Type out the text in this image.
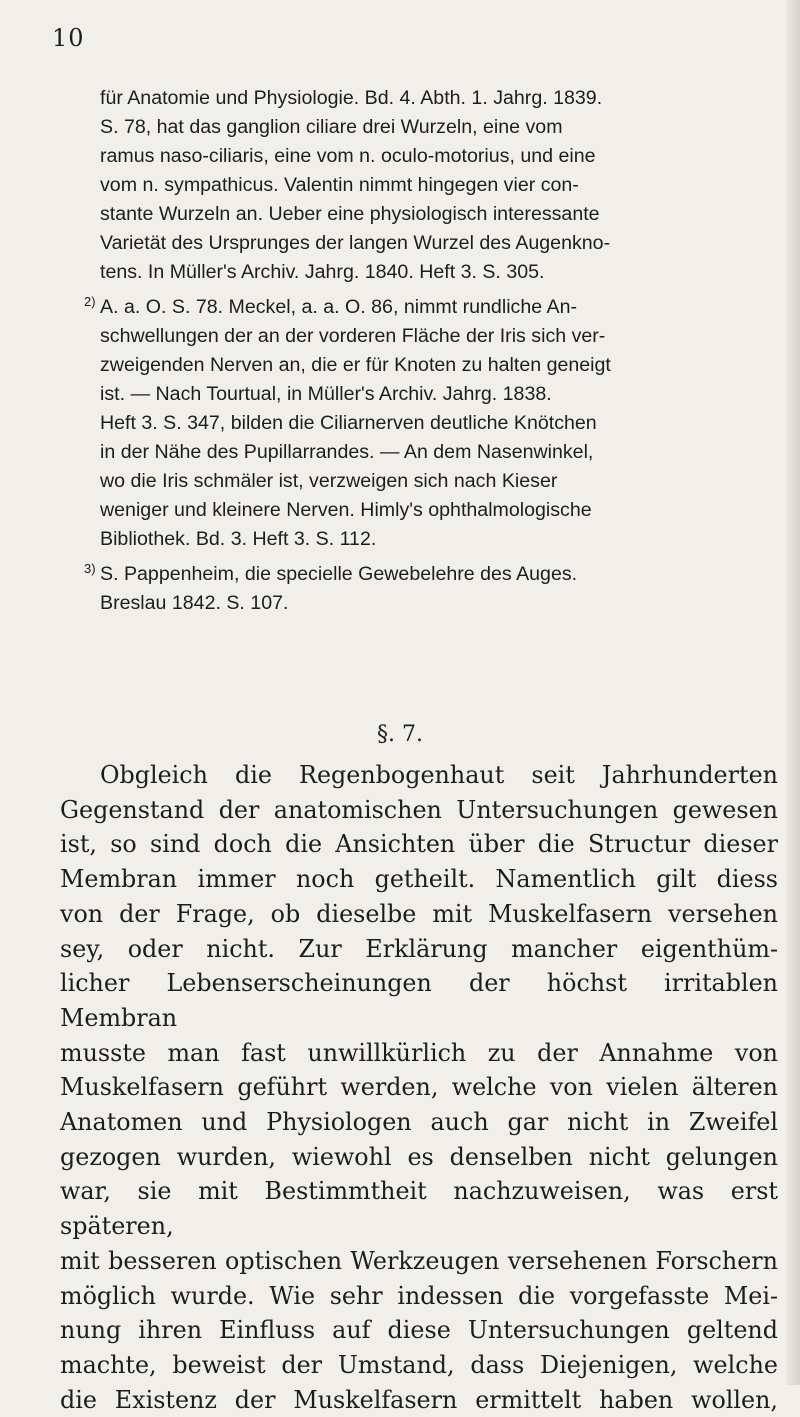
10
für Anatomie und Physiologie. Bd. 4. Abth. 1. Jahrg. 1839.
S. 78, hat das ganglion ciliare drei Wurzeln, eine vom
ramus naso-ciliaris, eine vom n. oculo-motorius, und eine
vom n. sympathicus. Valentin nimmt hingegen vier con-
stante Wurzeln an. Ueber eine physiologisch interessante
Varietät des Ursprunges der langen Wurzel des Augenkno-
tens. In Müller's Archiv. Jahrg. 1840. Heft 3. S. 305.
2) A. a. O. S. 78. Meckel, a. a. O. 86, nimmt rundliche An-
schwellungen der an der vorderen Fläche der Iris sich ver-
zweigenden Nerven an, die er für Knoten zu halten geneigt
ist. — Nach Tourtual, in Müller's Archiv. Jahrg. 1838.
Heft 3. S. 347, bilden die Ciliarnerven deutliche Knötchen
in der Nähe des Pupillarrandes. — An dem Nasenwinkel,
wo die Iris schmäler ist, verzweigen sich nach Kieser
weniger und kleinere Nerven. Himly's ophthalmologische
Bibliothek. Bd. 3. Heft 3. S. 112.
3) S. Pappenheim, die specielle Gewebelehre des Auges.
Breslau 1842. S. 107.
§. 7.
Obgleich die Regenbogenhaut seit Jahrhunderten
Gegenstand der anatomischen Untersuchungen gewesen
ist, so sind doch die Ansichten über die Structur dieser
Membran immer noch getheilt. Namentlich gilt diess
von der Frage, ob dieselbe mit Muskelfasern versehen
sey, oder nicht. Zur Erklärung mancher eigenthüm-
licher Lebenserscheinungen der höchst irritablen Membran
musste man fast unwillkürlich zu der Annahme von
Muskelfasern geführt werden, welche von vielen älteren
Anatomen und Physiologen auch gar nicht in Zweifel
gezogen wurden, wiewohl es denselben nicht gelungen
war, sie mit Bestimmtheit nachzuweisen, was erst späteren,
mit besseren optischen Werkzeugen versehenen Forschern
möglich wurde. Wie sehr indessen die vorgefasste Mei-
nung ihren Einfluss auf diese Untersuchungen geltend
machte, beweist der Umstand, dass Diejenigen, welche
die Existenz der Muskelfasern ermittelt haben wollen,
